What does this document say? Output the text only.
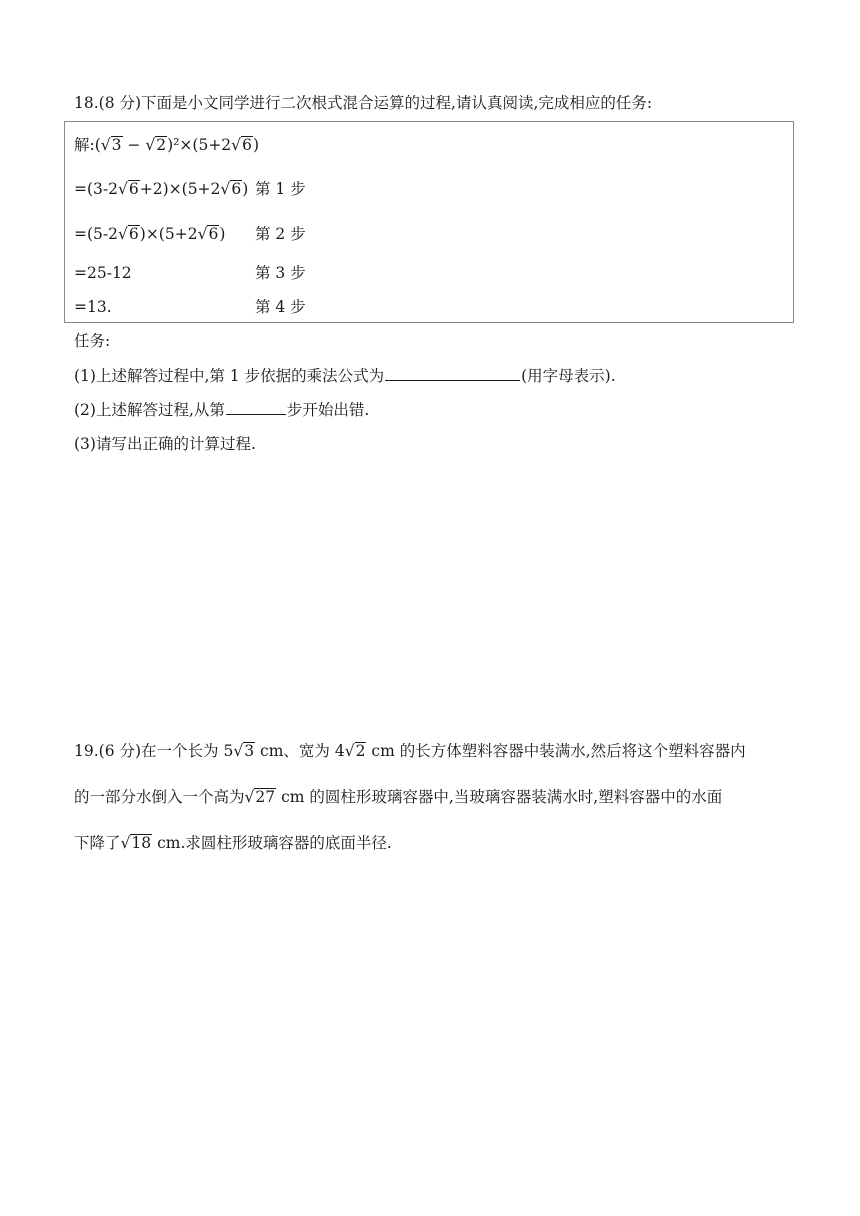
18.(8 分)下面是小文同学进行二次根式混合运算的过程,请认真阅读,完成相应的任务:
解:(√3 − √2)²×(5+2√6)
=(3-2√6+2)×(5+2√6) 第 1 步
=(5-2√6)×(5+2√6) 第 2 步
=25-12	第 3 步
=13.	第 4 步
任务:
(1)上述解答过程中,第 1 步依据的乘法公式为	(用字母表示).
(2)上述解答过程,从第	步开始出错.
(3)请写出正确的计算过程.
19.(6 分)在一个长为 5√3 cm、宽为 4√2 cm 的长方体塑料容器中装满水,然后将这个塑料容器内
的一部分水倒入一个高为√27 cm 的圆柱形玻璃容器中,当玻璃容器装满水时,塑料容器中的水面
下降了√18 cm.求圆柱形玻璃容器的底面半径.
